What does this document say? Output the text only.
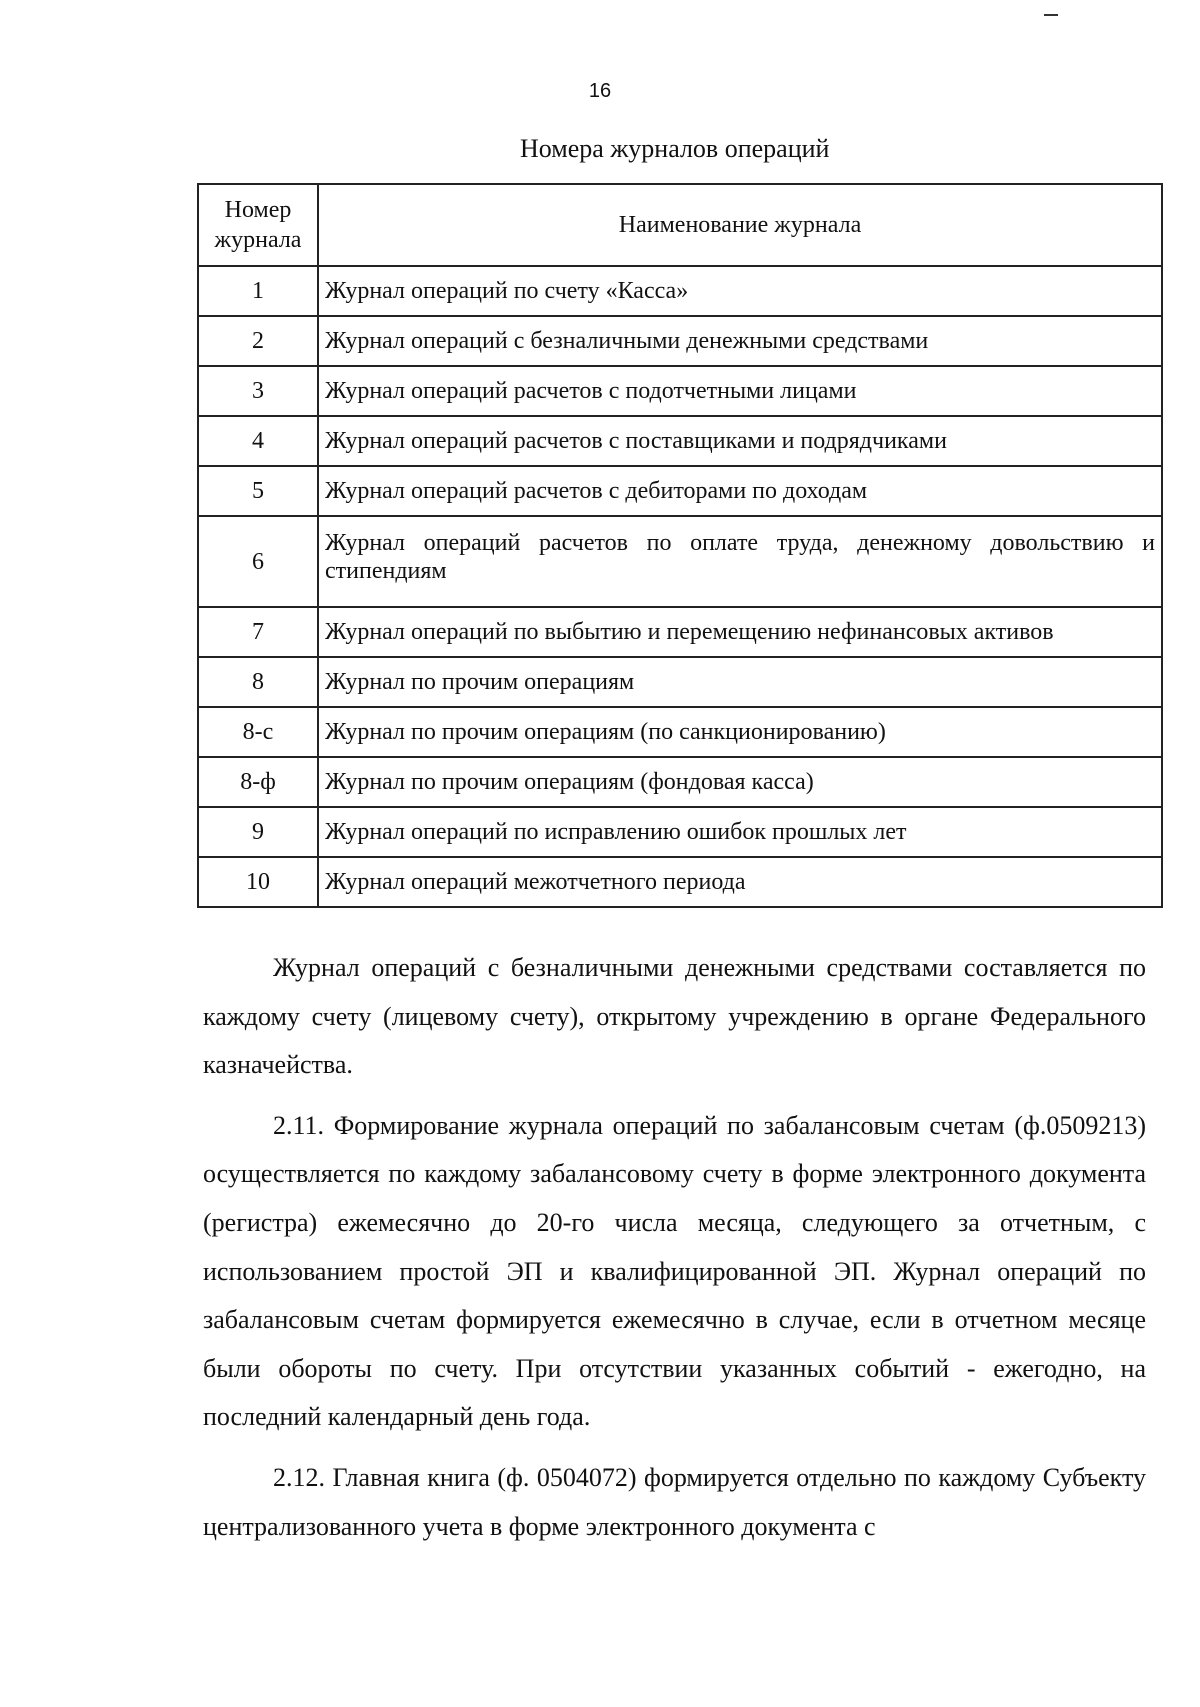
16
Номера журналов операций
Номер журнала	Наименование журнала
1	Журнал операций по счету «Касса»
2	Журнал операций с безналичными денежными средствами
3	Журнал операций расчетов с подотчетными лицами
4	Журнал операций расчетов с поставщиками и подрядчиками
5	Журнал операций расчетов с дебиторами по доходам
6	Журнал операций расчетов по оплате труда, денежному довольствию и стипендиям
7	Журнал операций по выбытию и перемещению нефинансовых активов
8	Журнал по прочим операциям
8-с	Журнал по прочим операциям (по санкционированию)
8-ф	Журнал по прочим операциям (фондовая касса)
9	Журнал операций по исправлению ошибок прошлых лет
10	Журнал операций межотчетного периода

Журнал операций с безналичными денежными средствами составляется по каждому счету (лицевому счету), открытому учреждению в органе Федерального казначейства.

2.11. Формирование журнала операций по забалансовым счетам (ф.0509213) осуществляется по каждому забалансовому счету в форме электронного документа (регистра) ежемесячно до 20-го числа месяца, следующего за отчетным, с использованием простой ЭП и квалифицированной ЭП. Журнал операций по забалансовым счетам формируется ежемесячно в случае, если в отчетном месяце были обороты по счету. При отсутствии указанных событий - ежегодно, на последний календарный день года.

2.12. Главная книга (ф. 0504072) формируется отдельно по каждому Субъекту централизованного учета в форме электронного документа с
